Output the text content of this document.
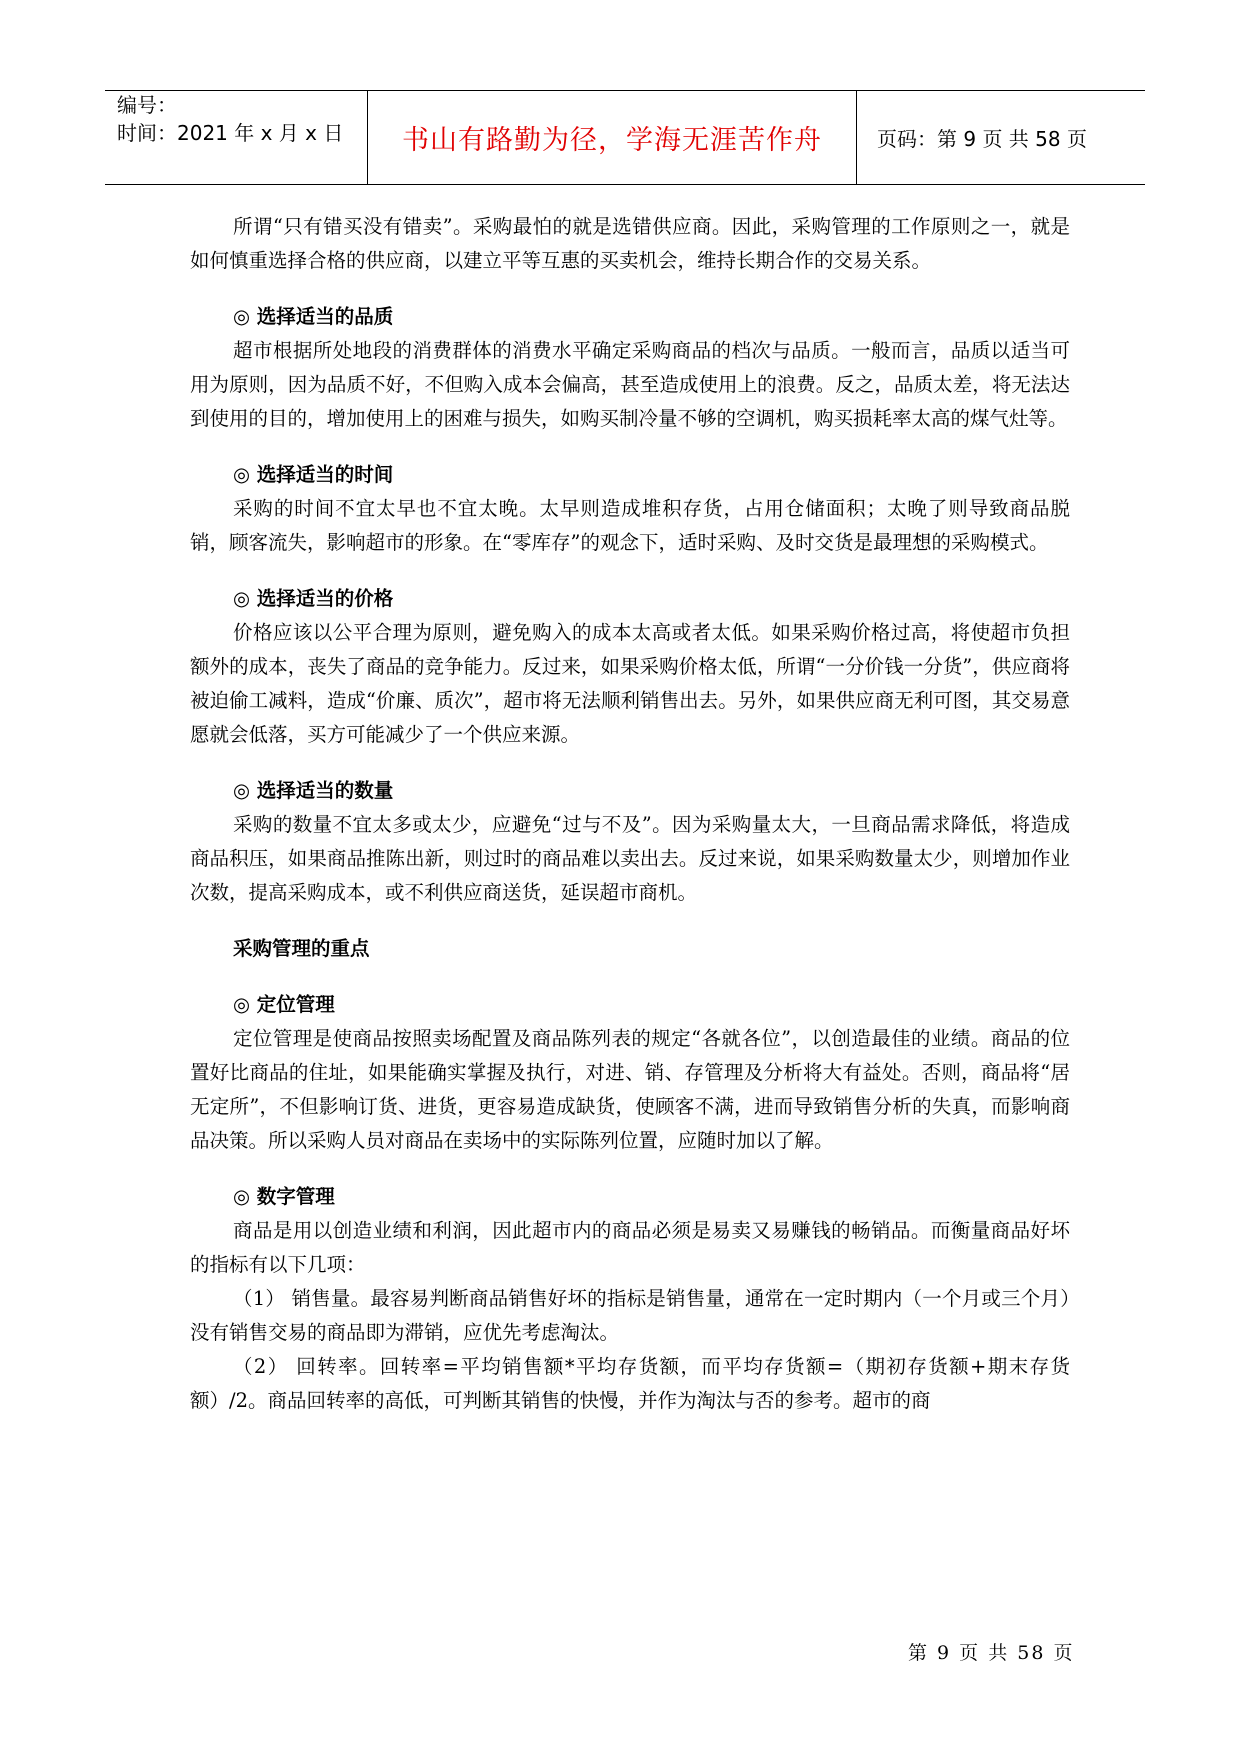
编号：
时间：2021 年 x 月 x 日	书山有路勤为径，学海无涯苦作舟	页码：第 9 页 共 58 页

所谓“只有错买没有错卖”。采购最怕的就是选错供应商。因此，采购管理的工作原则之一，就是如何慎重选择合格的供应商，以建立平等互惠的买卖机会，维持长期合作的交易关系。

◎ 选择适当的品质

超市根据所处地段的消费群体的消费水平确定采购商品的档次与品质。一般而言，品质以适当可用为原则，因为品质不好，不但购入成本会偏高，甚至造成使用上的浪费。反之，品质太差，将无法达到使用的目的，增加使用上的困难与损失，如购买制冷量不够的空调机，购买损耗率太高的煤气灶等。

◎ 选择适当的时间

采购的时间不宜太早也不宜太晚。太早则造成堆积存货，占用仓储面积；太晚了则导致商品脱销，顾客流失，影响超市的形象。在“零库存”的观念下，适时采购、及时交货是最理想的采购模式。

◎ 选择适当的价格

价格应该以公平合理为原则，避免购入的成本太高或者太低。如果采购价格过高，将使超市负担额外的成本，丧失了商品的竞争能力。反过来，如果采购价格太低，所谓“一分价钱一分货”，供应商将被迫偷工减料，造成“价廉、质次”，超市将无法顺利销售出去。另外，如果供应商无利可图，其交易意愿就会低落，买方可能减少了一个供应来源。

◎ 选择适当的数量

采购的数量不宜太多或太少，应避免“过与不及”。因为采购量太大，一旦商品需求降低，将造成商品积压，如果商品推陈出新，则过时的商品难以卖出去。反过来说，如果采购数量太少，则增加作业次数，提高采购成本，或不利供应商送货，延误超市商机。

采购管理的重点

◎ 定位管理

定位管理是使商品按照卖场配置及商品陈列表的规定“各就各位”，以创造最佳的业绩。商品的位置好比商品的住址，如果能确实掌握及执行，对进、销、存管理及分析将大有益处。否则，商品将“居无定所”，不但影响订货、进货，更容易造成缺货，使顾客不满，进而导致销售分析的失真，而影响商品决策。所以采购人员对商品在卖场中的实际陈列位置，应随时加以了解。

◎ 数字管理

商品是用以创造业绩和利润，因此超市内的商品必须是易卖又易赚钱的畅销品。而衡量商品好坏的指标有以下几项：

（1） 销售量。最容易判断商品销售好坏的指标是销售量，通常在一定时期内（一个月或三个月）没有销售交易的商品即为滞销，应优先考虑淘汰。

（2） 回转率。回转率=平均销售额*平均存货额，而平均存货额=（期初存货额+期末存货额）/2。商品回转率的高低，可判断其销售的快慢，并作为淘汰与否的参考。超市的商

第 9 页 共 58 页
